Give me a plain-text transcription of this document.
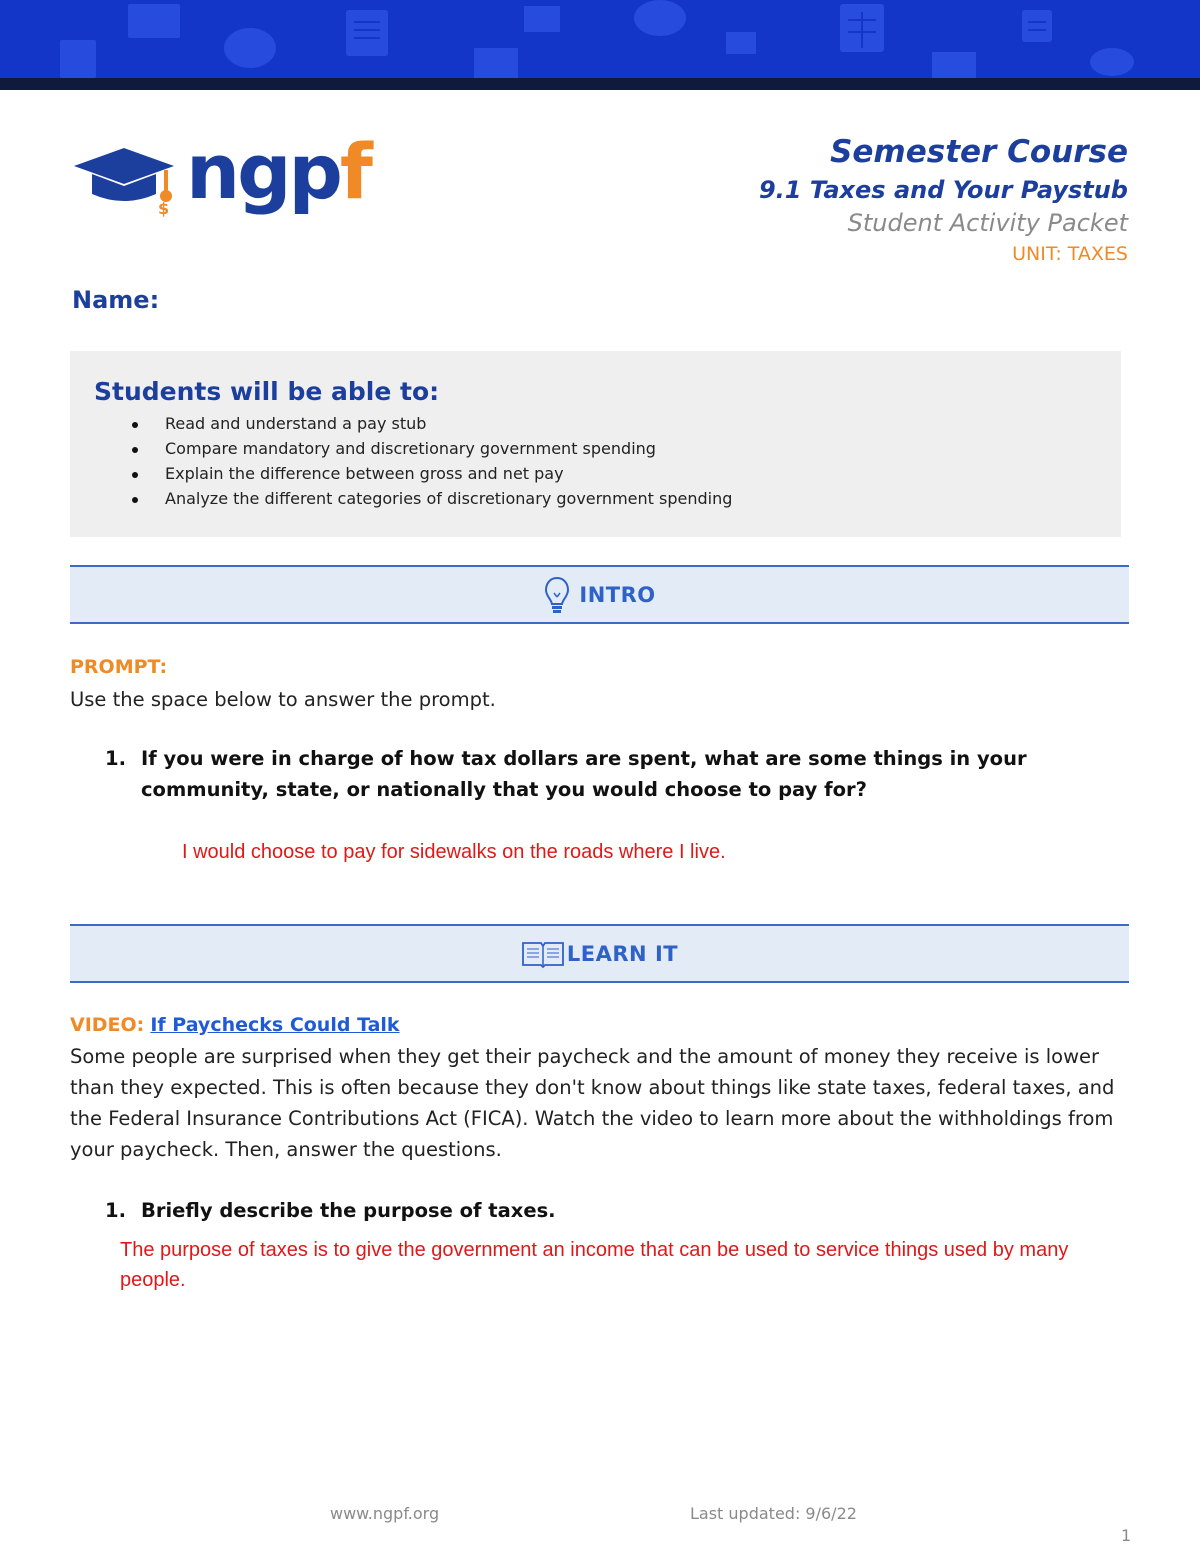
$ ngpf	Semester Course
9.1 Taxes and Your Paystub
Student Activity Packet
UNIT: TAXES
Name:
Students will be able to:
Read and understand a pay stub
Compare mandatory and discretionary government spending
Explain the difference between gross and net pay
Analyze the different categories of discretionary government spending
INTRO
PROMPT:
Use the space below to answer the prompt.
1. If you were in charge of how tax dollars are spent, what are some things in your community, state, or nationally that you would choose to pay for?
I would choose to pay for sidewalks on the roads where I live.
LEARN IT
VIDEO: If Paychecks Could Talk
Some people are surprised when they get their paycheck and the amount of money they receive is lower than they expected. This is often because they don't know about things like state taxes, federal taxes, and the Federal Insurance Contributions Act (FICA). Watch the video to learn more about the withholdings from your paycheck. Then, answer the questions.
1. Briefly describe the purpose of taxes.
The purpose of taxes is to give the government an income that can be used to service things used by many people.
www.ngpf.org	Last updated: 9/6/22
1
